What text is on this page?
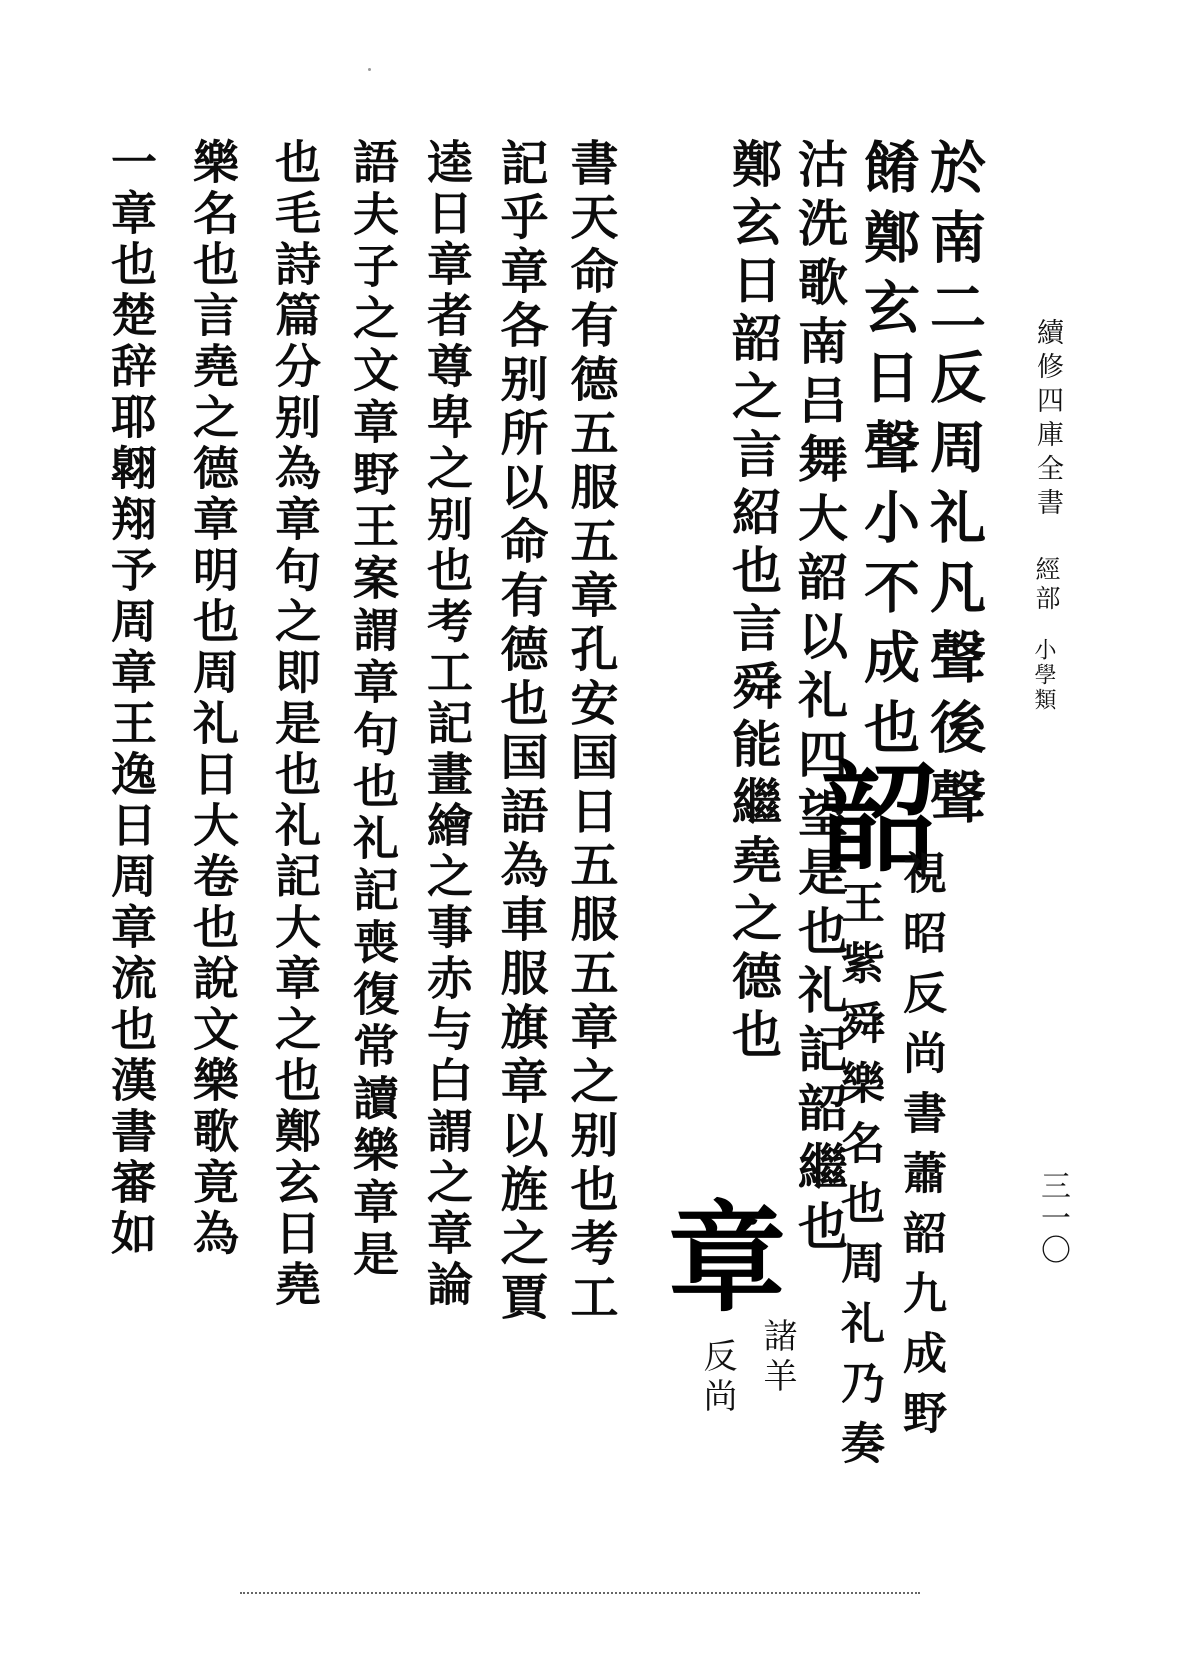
續修四庫全書
經部
小學類
三一〇
於南二反周礼凡聲後聲
餚鄭玄日聲小不成也
沽洗歌南吕舞大韶以礼四望是也礼記韶繼也
鄭玄日韶之言紹也言舜能繼堯之德也 韶
視昭反尚書蕭韶九成野
王紫舜樂名也周礼乃奏
章
諸羊
反尚
書天命有德五服五章孔安国日五服五章之别也考工
記乎章各别所以命有德也国語為車服旗章以旌之賈
逵日章者尊卑之别也考工記畫繪之事赤与白謂之章論
語夫子之文章野王案謂章句也礼記喪復常讀樂章是
也毛詩篇分别為章句之即是也礼記大章之也鄭玄日堯
樂名也言堯之德章明也周礼日大卷也說文樂歌竟為
一章也楚辞耶翺翔予周章王逸日周章流也漢書審如
